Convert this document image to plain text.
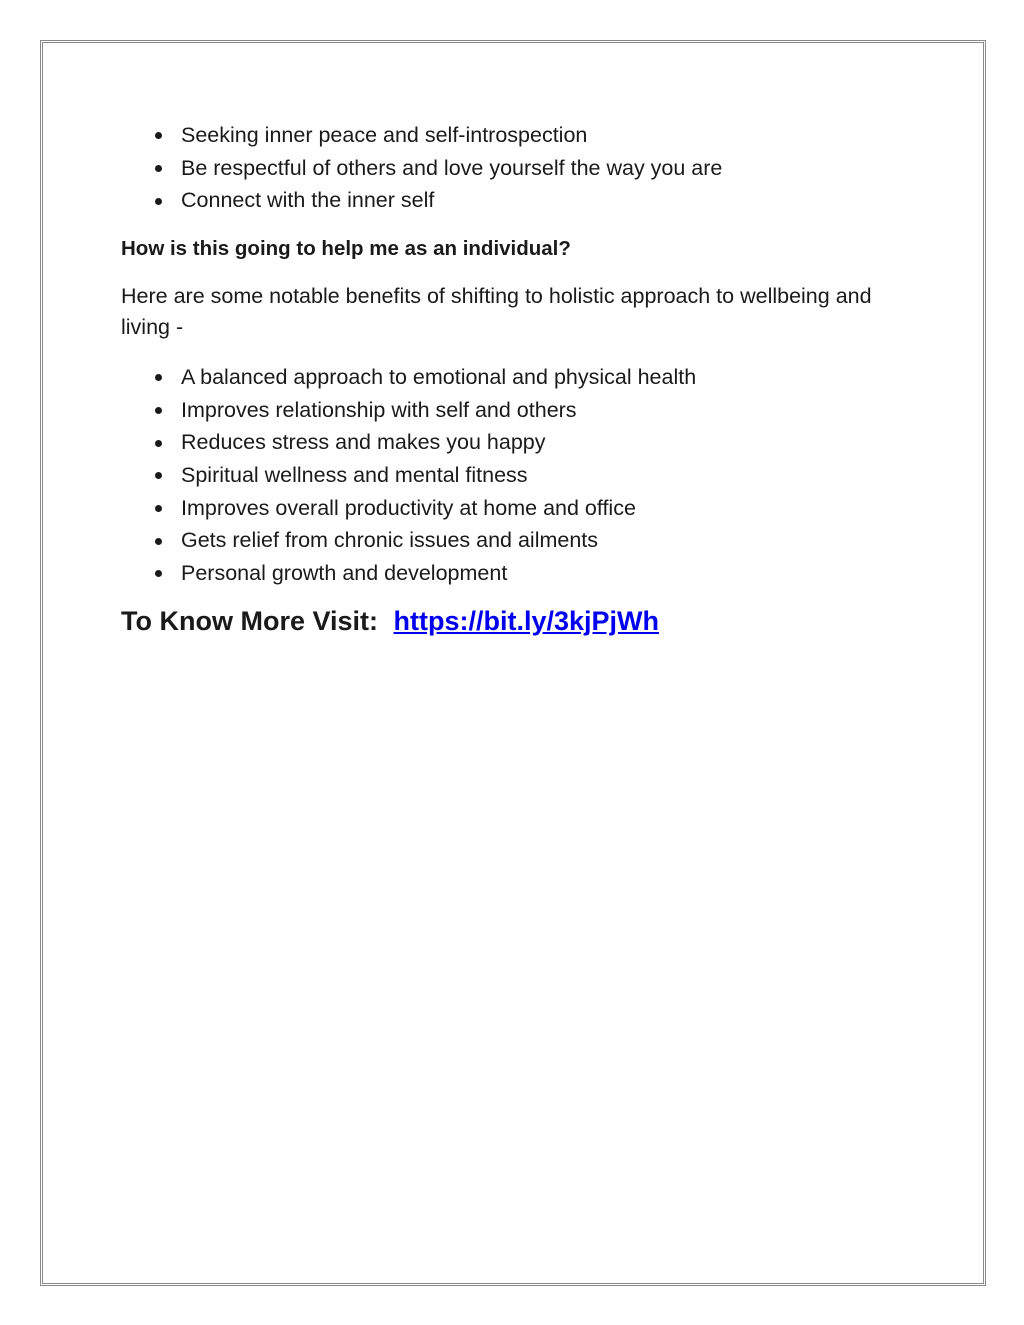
Seeking inner peace and self-introspection
Be respectful of others and love yourself the way you are
Connect with the inner self

How is this going to help me as an individual?

Here are some notable benefits of shifting to holistic approach to wellbeing and living -

A balanced approach to emotional and physical health
Improves relationship with self and others
Reduces stress and makes you happy
Spiritual wellness and mental fitness
Improves overall productivity at home and office
Gets relief from chronic issues and ailments
Personal growth and development
To Know More Visit: https://bit.ly/3kjPjWh
